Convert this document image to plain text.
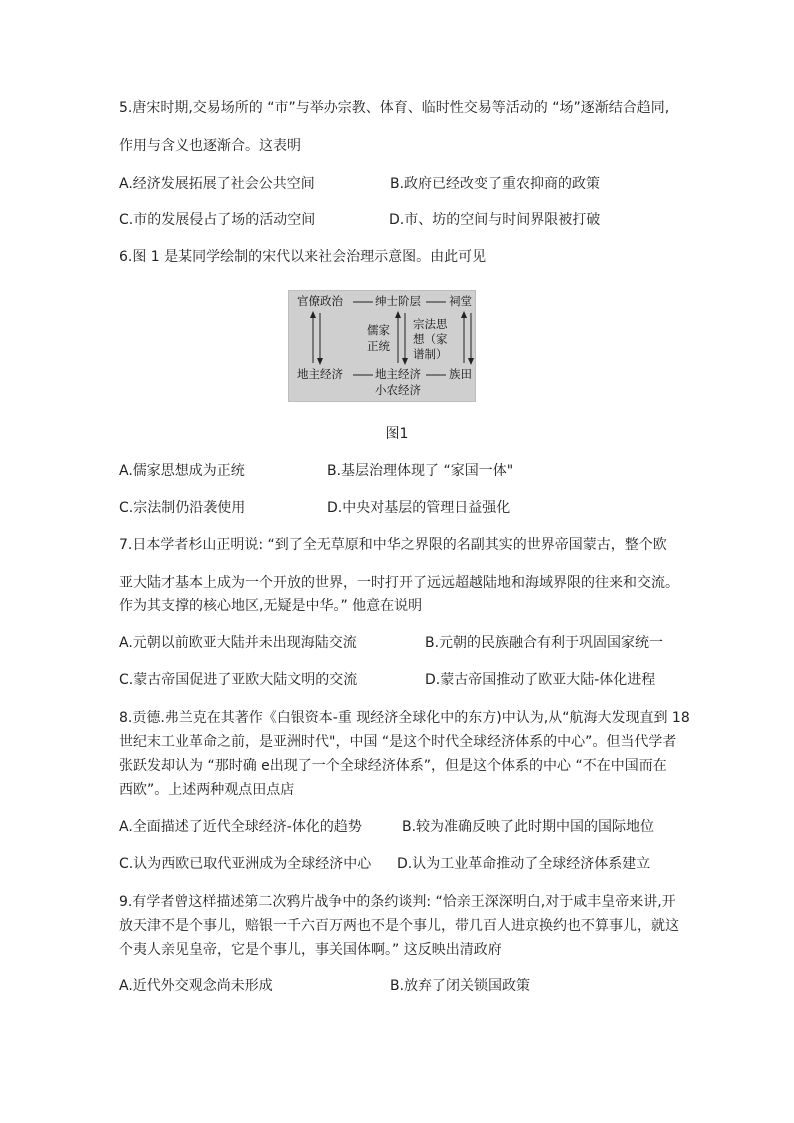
5.唐宋时期,交易场所的 “市”与举办宗教、体育、临时性交易等活动的 “场”逐渐结合趋同,
作用与含义也逐渐合。这表明
A.经济发展拓展了社会公共空间	B.政府已经改变了重农抑商的政策
C.市的发展侵占了场的活动空间	D.市、坊的空间与时间界限被打破
6.图 1 是某同学绘制的宋代以来社会治理示意图。由此可见
官僚政治	绅士阶层 祠堂
儒家
正统
宗法思
想（家
谱制）
地主经济	地主经济 族田
小农经济
图1
A.儒家思想成为正统	B.基层治理体现了 “家国一体"
C.宗法制仍沿袭使用	D.中央对基层的管理日益强化
7.日本学者杉山正明说: “到了全无草原和中华之界限的名副其实的世界帝国蒙古，整个欧
亚大陆才基本上成为一个开放的世界，一时打开了远远超越陆地和海域界限的往来和交流。
作为其支撑的核心地区,无疑是中华。” 他意在说明
A.元朝以前欧亚大陆并未出现海陆交流	B.元朝的民族融合有利于巩固国家统一
C.蒙古帝国促进了亚欧大陆文明的交流	D.蒙古帝国推动了欧亚大陆-体化进程
8.贡德.弗兰克在其著作《白银资本-重 现经济全球化中的东方)中认为,从“航海大发现直到 18
世纪末工业革命之前，是亚洲时代"，中国 “是这个时代全球经济体系的中心”。但当代学者
张跃发却认为 “那时确 e出现了一个全球经济体系”，但是这个体系的中心 “不在中国而在
西欧”。上述两种观点田点店
A.全面描述了近代全球经济-体化的趋势	B.较为准确反映了此时期中国的国际地位
C.认为西欧已取代亚洲成为全球经济中心 D.认为工业革命推动了全球经济体系建立
9.有学者曾这样描述第二次鸦片战争中的条约谈判: “恰亲王深深明白,对于咸丰皇帝来讲,开
放天津不是个事儿，赔银一千六百万两也不是个事儿，带几百人进京换约也不算事儿，就这
个夷人亲见皇帝，它是个事儿，事关国体啊。” 这反映出清政府
A.近代外交观念尚未形成	B.放弃了闭关锁国政策
